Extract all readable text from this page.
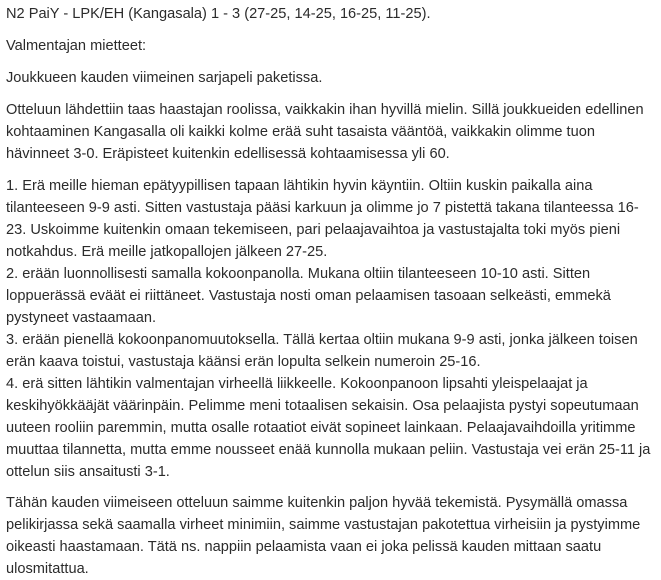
N2 PaiY - LPK/EH (Kangasala) 1 - 3 (27-25, 14-25, 16-25, 11-25).

Valmentajan mietteet:

Joukkueen kauden viimeinen sarjapeli paketissa.

Otteluun lähdettiin taas haastajan roolissa, vaikkakin ihan hyvillä mielin. Sillä joukkueiden edellinen kohtaaminen Kangasalla oli kaikki kolme erää suht tasaista vääntöä, vaikkakin olimme tuon hävinneet 3-0. Eräpisteet kuitenkin edellisessä kohtaamisessa yli 60.

1. Erä meille hieman epätyypillisen tapaan lähtikin hyvin käyntiin. Oltiin kuskin paikalla aina tilanteeseen 9-9 asti. Sitten vastustaja pääsi karkuun ja olimme jo 7 pistettä takana tilanteessa 16-23. Uskoimme kuitenkin omaan tekemiseen, pari pelaajavaihtoa ja vastustajalta toki myös pieni notkahdus. Erä meille jatkopallojen jälkeen 27-25.
2. erään luonnollisesti samalla kokoonpanolla. Mukana oltiin tilanteeseen 10-10 asti. Sitten loppuerässä eväät ei riittäneet. Vastustaja nosti oman pelaamisen tasoaan selkeästi, emmekä pystyneet vastaamaan.
3. erään pienellä kokoonpanomuutoksella. Tällä kertaa oltiin mukana 9-9 asti, jonka jälkeen toisen erän kaava toistui, vastustaja käänsi erän lopulta selkein numeroin 25-16.
4. erä sitten lähtikin valmentajan virheellä liikkeelle. Kokoonpanoon lipsahti yleispelaajat ja keskihyökkääjät väärinpäin. Pelimme meni totaalisen sekaisin. Osa pelaajista pystyi sopeutumaan uuteen rooliin paremmin, mutta osalle rotaatiot eivät sopineet lainkaan. Pelaajavaihdoilla yritimme muuttaa tilannetta, mutta emme nousseet enää kunnolla mukaan peliin. Vastustaja vei erän 25-11 ja ottelun siis ansaitusti 3-1.

Tähän kauden viimeiseen otteluun saimme kuitenkin paljon hyvää tekemistä. Pysymällä omassa pelikirjassa sekä saamalla virheet minimiin, saimme vastustajan pakotettua virheisiin ja pystyimme oikeasti haastamaan. Tätä ns. nappiin pelaamista vaan ei joka pelissä kauden mittaan saatu ulosmitattua.
